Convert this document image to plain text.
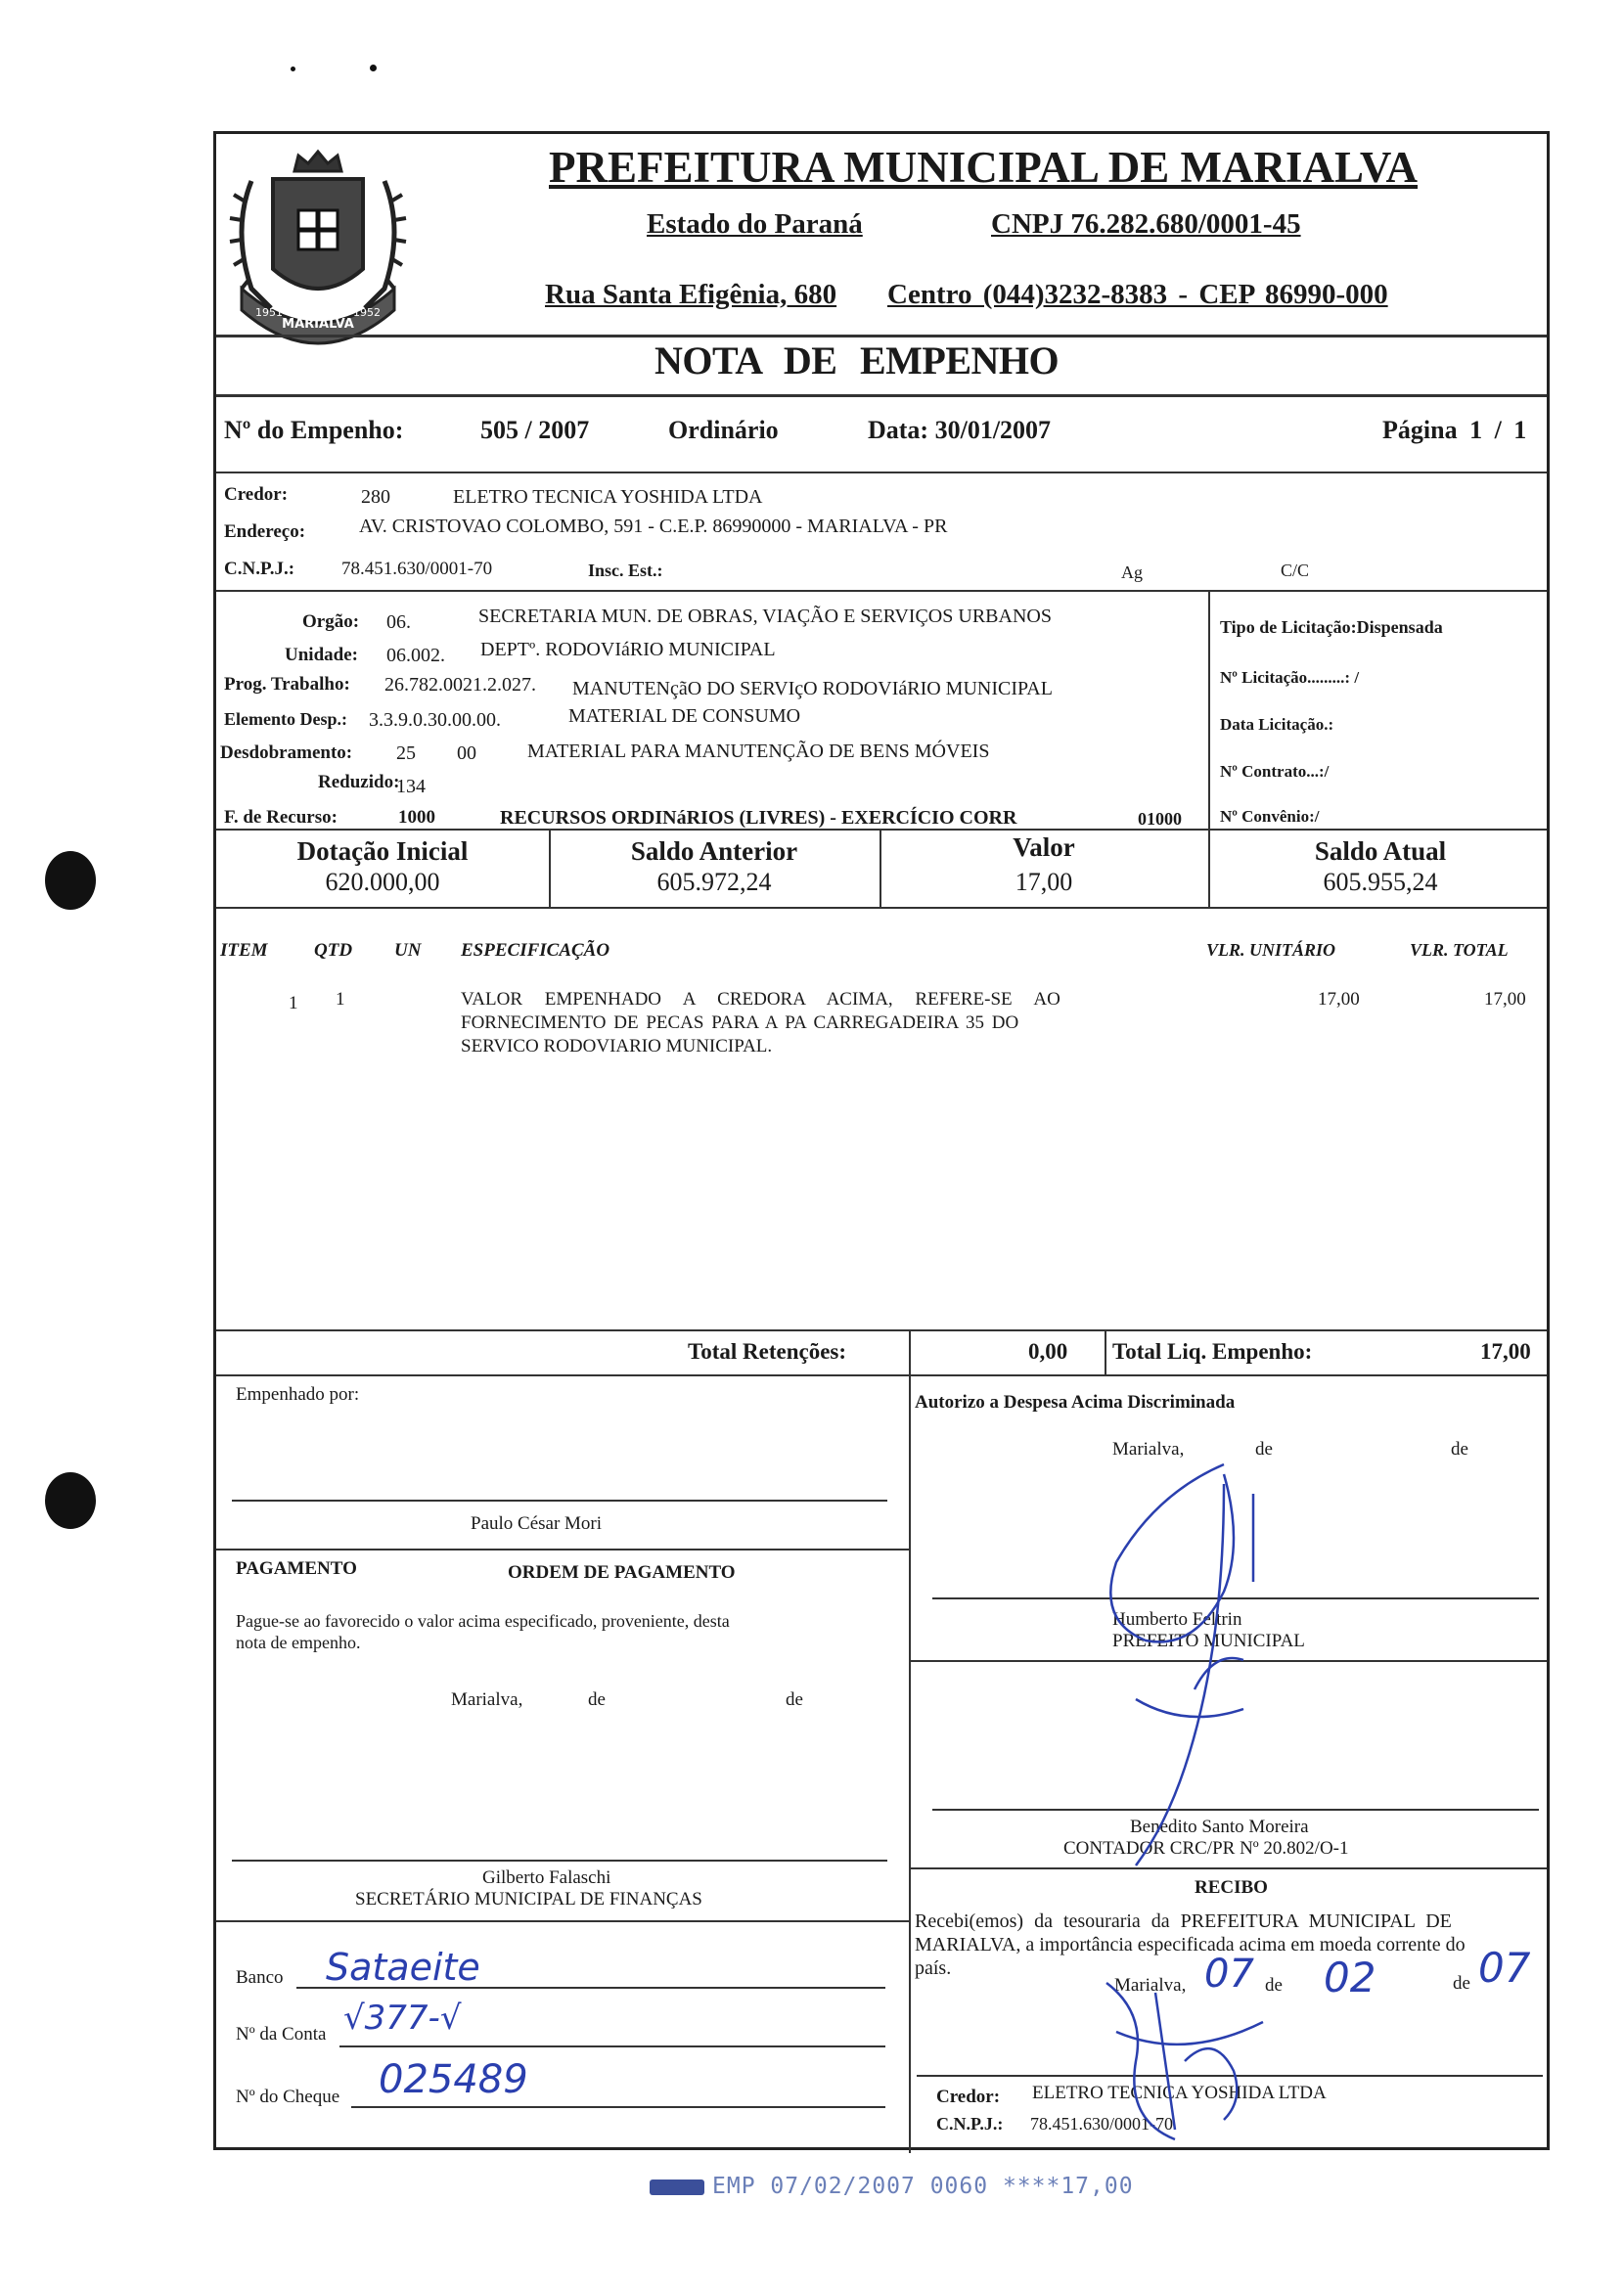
MARIALVA
1951	1952
PREFEITURA MUNICIPAL DE MARIALVA
Estado do Paraná	CNPJ 76.282.680/0001-45
Rua Santa Efigênia, 680 Centro (044)3232-8383 - CEP 86990-000
NOTA DE EMPENHO
Nº do Empenho:	505 / 2007	Ordinário	Data: 30/01/2007	Página 1 / 1
Credor:	280	ELETRO TECNICA YOSHIDA LTDA
Endereço:	AV. CRISTOVAO COLOMBO, 591 - C.E.P. 86990000 - MARIALVA - PR
C.N.P.J.:	78.451.630/0001-70	Insc. Est.:	Ag	C/C
Orgão: 06.	SECRETARIA MUN. DE OBRAS, VIAÇÃO E SERVIÇOS URBANOS
Unidade: 06.002. DEPTº. RODOVIáRIO MUNICIPAL
Prog. Trabalho: 26.782.0021.2.027. MANUTENçãO DO SERVIçO RODOVIáRIO MUNICIPAL
Elemento Desp.: 3.3.9.0.30.00.00.	MATERIAL DE CONSUMO
Desdobramento: 25 00	MATERIAL PARA MANUTENÇÃO DE BENS MÓVEIS
Reduzido:
134
F. de Recurso:	1000	RECURSOS ORDINáRIOS (LIVRES) - EXERCÍCIO CORR	01000
Tipo de Licitação:Dispensada
Nº Licitação.........: /
Data Licitação.:
Nº Contrato...:/
Nº Convênio:/
Dotação Inicial
620.000,00
Saldo Anterior
605.972,24
Valor
17,00
Saldo Atual
605.955,24
ITEM QTD UN ESPECIFICAÇÃO	VLR. UNITÁRIO	VLR. TOTAL
1 1	VALOR EMPENHADO A CREDORA ACIMA, REFERE-SE AO
FORNECIMENTO DE PECAS PARA A PA CARREGADEIRA 35 DO
SERVICO RODOVIARIO MUNICIPAL.
17,00	17,00
Total Retenções:	0,00 Total Liq. Empenho:	17,00
Empenhado por:
Paulo César Mori
PAGAMENTO	ORDEM DE PAGAMENTO
Pague-se ao favorecido o valor acima especificado, proveniente, desta
nota de empenho.
Marialva,	de	de
Gilberto Falaschi
SECRETÁRIO MUNICIPAL DE FINANÇAS
Banco Sataeite
Nº da Conta √377-√
Nº do Cheque 025489
Autorizo a Despesa Acima Discriminada
Marialva,	de	de
Humberto Feltrin
PREFEITO MUNICIPAL
Benedito Santo Moreira
CONTADOR CRC/PR Nº 20.802/O-1
RECIBO
Recebi(emos) da tesouraria da PREFEITURA MUNICIPAL DE
MARIALVA, a importância especificada acima em moeda corrente do
país.
Marialva, 07 de 02	de 07
Credor: ELETRO TECNICA YOSHIDA LTDA
C.N.P.J.: 78.451.630/0001-70
EMP 07/02/2007 0060 ****17,00
